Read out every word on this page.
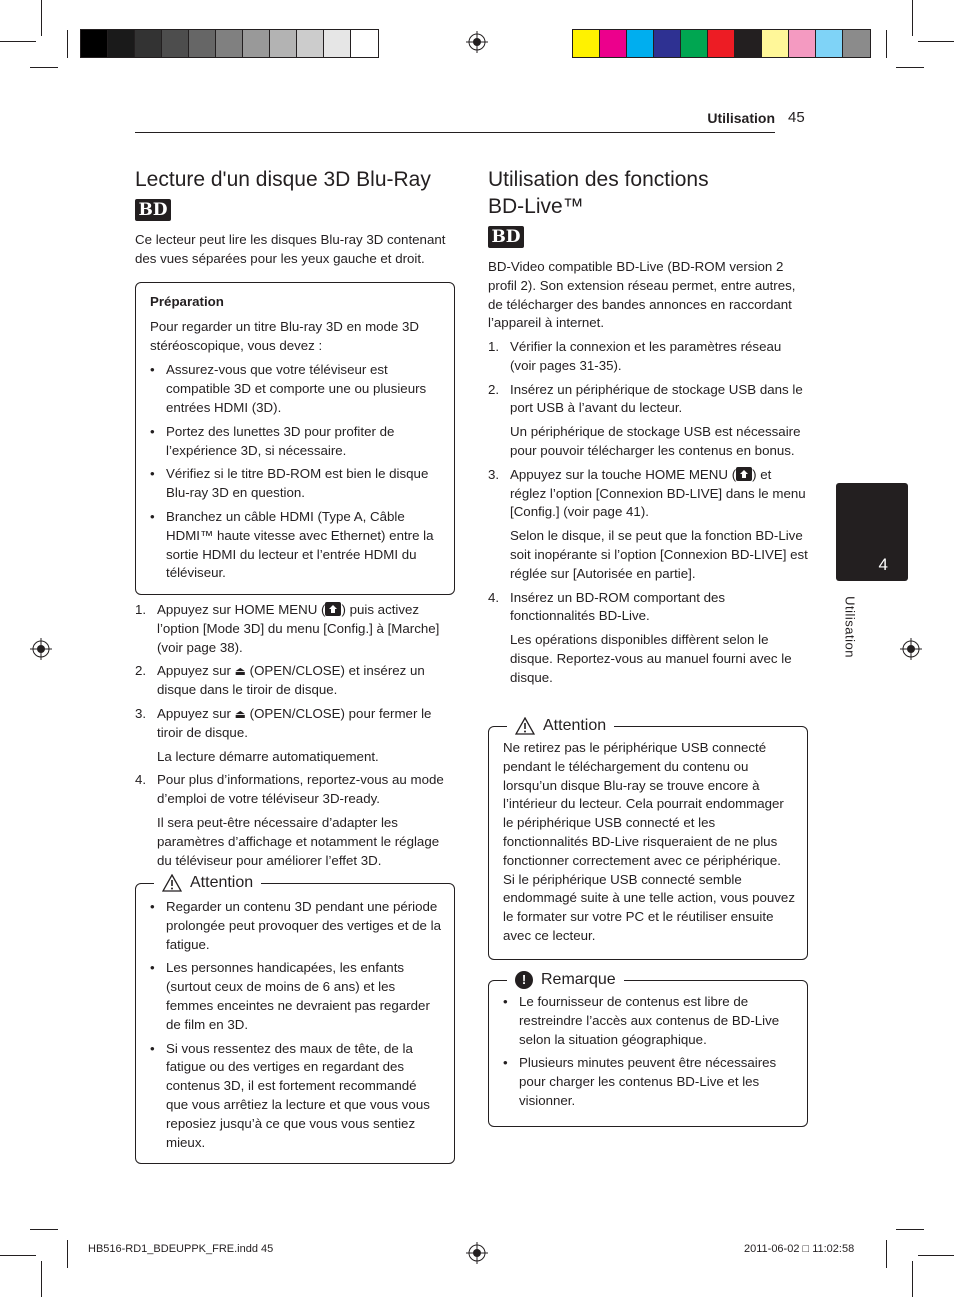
Utilisation 45
Lecture d'un disque 3D Blu-Ray
BD

Ce lecteur peut lire les disques Blu-ray 3D contenant des vues séparées pour les yeux gauche et droit.

Préparation

Pour regarder un titre Blu-ray 3D en mode 3D stéréoscopique, vous devez :

• Assurez-vous que votre téléviseur est compatible 3D et comporte une ou plusieurs entrées HDMI (3D).
• Portez des lunettes 3D pour profiter de l’expérience 3D, si nécessaire.
• Vérifiez si le titre BD-ROM est bien le disque Blu-ray 3D en question.
• Branchez un câble HDMI (Type A, Câble HDMI™ haute vitesse avec Ethernet) entre la sortie HDMI du lecteur et l’entrée HDMI du téléviseur.
1. Appuyez sur HOME MENU ( ) puis activez l’option [Mode 3D] du menu [Config.] à [Marche] (voir page 38).
2. Appuyez sur ⏏ (OPEN/CLOSE) et insérez un disque dans le tiroir de disque.
3. Appuyez sur ⏏ (OPEN/CLOSE) pour fermer le tiroir de disque.

La lecture démarre automatiquement.

4. Pour plus d’informations, reportez-vous au mode d’emploi de votre téléviseur 3D-ready.

Il sera peut-être nécessaire d’adapter les paramètres d’affichage et notamment le réglage du téléviseur pour améliorer l’effet 3D.

Attention
• Regarder un contenu 3D pendant une période prolongée peut provoquer des vertiges et de la fatigue.
• Les personnes handicapées, les enfants (surtout ceux de moins de 6 ans) et les femmes enceintes ne devraient pas regarder de film en 3D.
• Si vous ressentez des maux de tête, de la fatigue ou des vertiges en regardant des contenus 3D, il est fortement recommandé que vous arrêtiez la lecture et que vous vous reposiez jusqu’à ce que vous vous sentiez mieux.
Utilisation des fonctions
BD-Live™
BD

BD-Video compatible BD-Live (BD-ROM version 2 profil 2). Son extension réseau permet, entre autres, de télécharger des bandes annonces en raccordant l’appareil à internet.

1. Vérifier la connexion et les paramètres réseau (voir pages 31-35).
2. Insérez un périphérique de stockage USB dans le port USB à l’avant du lecteur.

Un périphérique de stockage USB est nécessaire pour pouvoir télécharger les contenus en bonus.

3. Appuyez sur la touche HOME MENU ( ) et réglez l’option [Connexion BD-LIVE] dans le menu [Config.] (voir page 41).

Selon le disque, il se peut que la fonction BD-Live soit inopérante si l’option [Connexion BD-LIVE] est réglée sur [Autorisée en partie].

4. Insérez un BD-ROM comportant des fonctionnalités BD-Live.

Les opérations disponibles diffèrent selon le disque. Reportez-vous au manuel fourni avec le disque.

Attention

Ne retirez pas le périphérique USB connecté pendant le téléchargement du contenu ou lorsqu’un disque Blu-ray se trouve encore à l’intérieur du lecteur. Cela pourrait endommager le périphérique USB connecté et les fonctionnalités BD-Live risqueraient de ne plus fonctionner correctement avec ce périphérique. Si le périphérique USB connecté semble endommagé suite à une telle action, vous pouvez le formater sur votre PC et le réutiliser ensuite avec ce lecteur.

! Remarque
• Le fournisseur de contenus est libre de restreindre l’accès aux contenus de BD-Live selon la situation géographique.
• Plusieurs minutes peuvent être nécessaires pour charger les contenus BD-Live et les visionner.
4
Utilisation
HB516-RD1_BDEUPPK_FRE.indd 45	2011-06-02 □ 11:02:58
